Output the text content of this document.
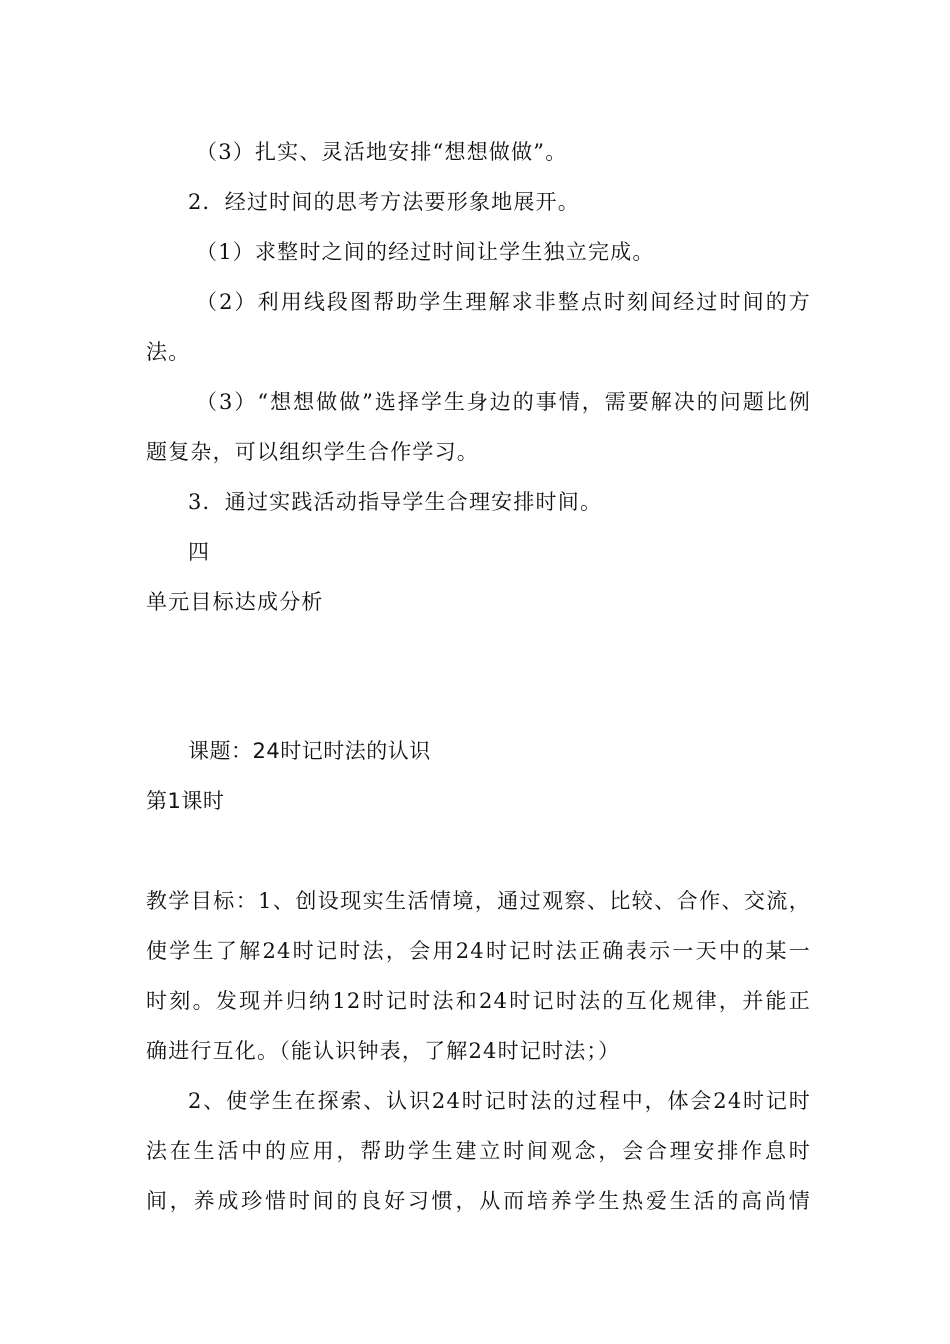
（3）扎实、灵活地安排“想想做做”。
2．经过时间的思考方法要形象地展开。
（1）求整时之间的经过时间让学生独立完成。
（2）利用线段图帮助学生理解求非整点时刻间经过时间的方
法。
（3）“想想做做”选择学生身边的事情，需要解决的问题比例
题复杂，可以组织学生合作学习。
3．通过实践活动指导学生合理安排时间。
四
单元目标达成分析
课题：24时记时法的认识
第1课时
教学目标：1、创设现实生活情境，通过观察、比较、合作、交流，
使学生了解24时记时法，会用24时记时法正确表示一天中的某一
时刻。发现并归纳12时记时法和24时记时法的互化规律，并能正
确进行互化。（能认识钟表，了解24时记时法；）
2、使学生在探索、认识24时记时法的过程中，体会24时记时
法在生活中的应用，帮助学生建立时间观念，会合理安排作息时
间，养成珍惜时间的良好习惯，从而培养学生热爱生活的高尚情
